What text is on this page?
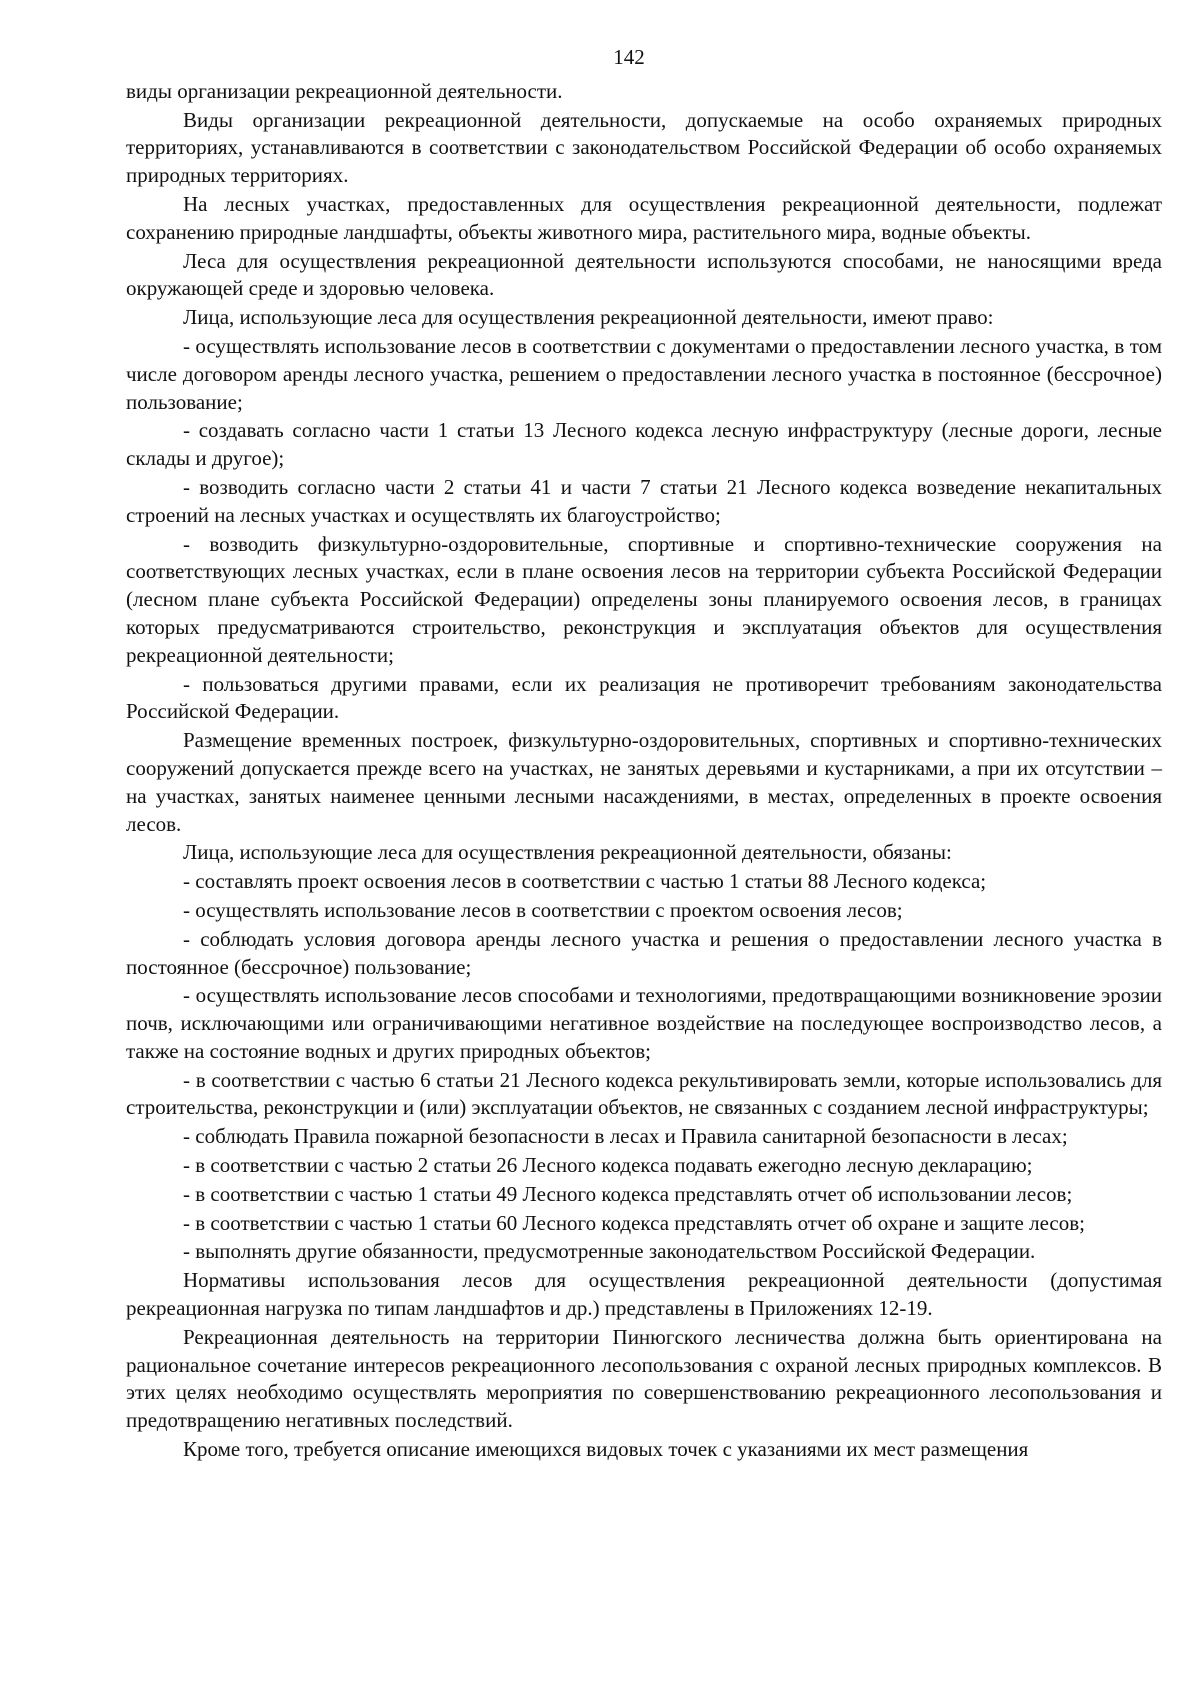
142

виды организации рекреационной деятельности.

Виды организации рекреационной деятельности, допускаемые на особо охраняемых природных территориях, устанавливаются в соответствии с законодательством Российской Федерации об особо охраняемых природных территориях.

На лесных участках, предоставленных для осуществления рекреационной деятельности, подлежат сохранению природные ландшафты, объекты животного мира, растительного мира, водные объекты.

Леса для осуществления рекреационной деятельности используются способами, не наносящими вреда окружающей среде и здоровью человека.

Лица, использующие леса для осуществления рекреационной деятельности, имеют право:

- осуществлять использование лесов в соответствии с документами о предоставлении лесного участка, в том числе договором аренды лесного участка, решением о предоставлении лесного участка в постоянное (бессрочное) пользование;

- создавать согласно части 1 статьи 13 Лесного кодекса лесную инфраструктуру (лесные дороги, лесные склады и другое);

- возводить согласно части 2 статьи 41 и части 7 статьи 21 Лесного кодекса возведение некапитальных строений на лесных участках и осуществлять их благоустройство;

- возводить физкультурно-оздоровительные, спортивные и спортивно-технические сооружения на соответствующих лесных участках, если в плане освоения лесов на территории субъекта Российской Федерации (лесном плане субъекта Российской Федерации) определены зоны планируемого освоения лесов, в границах которых предусматриваются строительство, реконструкция и эксплуатация объектов для осуществления рекреационной деятельности;

- пользоваться другими правами, если их реализация не противоречит требованиям законодательства Российской Федерации.

Размещение временных построек, физкультурно-оздоровительных, спортивных и спортивно-технических сооружений допускается прежде всего на участках, не занятых деревьями и кустарниками, а при их отсутствии – на участках, занятых наименее ценными лесными насаждениями, в местах, определенных в проекте освоения лесов.

Лица, использующие леса для осуществления рекреационной деятельности, обязаны:

- составлять проект освоения лесов в соответствии с частью 1 статьи 88 Лесного кодекса;

- осуществлять использование лесов в соответствии с проектом освоения лесов;

- соблюдать условия договора аренды лесного участка и решения о предоставлении лесного участка в постоянное (бессрочное) пользование;

- осуществлять использование лесов способами и технологиями, предотвращающими возникновение эрозии почв, исключающими или ограничивающими негативное воздействие на последующее воспроизводство лесов, а также на состояние водных и других природных объектов;

- в соответствии с частью 6 статьи 21 Лесного кодекса рекультивировать земли, которые использовались для строительства, реконструкции и (или) эксплуатации объектов, не связанных с созданием лесной инфраструктуры;

- соблюдать Правила пожарной безопасности в лесах и Правила санитарной безопасности в лесах;

- в соответствии с частью 2 статьи 26 Лесного кодекса подавать ежегодно лесную декларацию;

- в соответствии с частью 1 статьи 49 Лесного кодекса представлять отчет об использовании лесов;

- в соответствии с частью 1 статьи 60 Лесного кодекса представлять отчет об охране и защите лесов;

- выполнять другие обязанности, предусмотренные законодательством Российской Федерации.

Нормативы использования лесов для осуществления рекреационной деятельности (допустимая рекреационная нагрузка по типам ландшафтов и др.) представлены в Приложениях 12-19.

Рекреационная деятельность на территории Пинюгского лесничества должна быть ориентирована на рациональное сочетание интересов рекреационного лесопользования с охраной лесных природных комплексов. В этих целях необходимо осуществлять мероприятия по совершенствованию рекреационного лесопользования и предотвращению негативных последствий.

Кроме того, требуется описание имеющихся видовых точек с указаниями их мест размещения
